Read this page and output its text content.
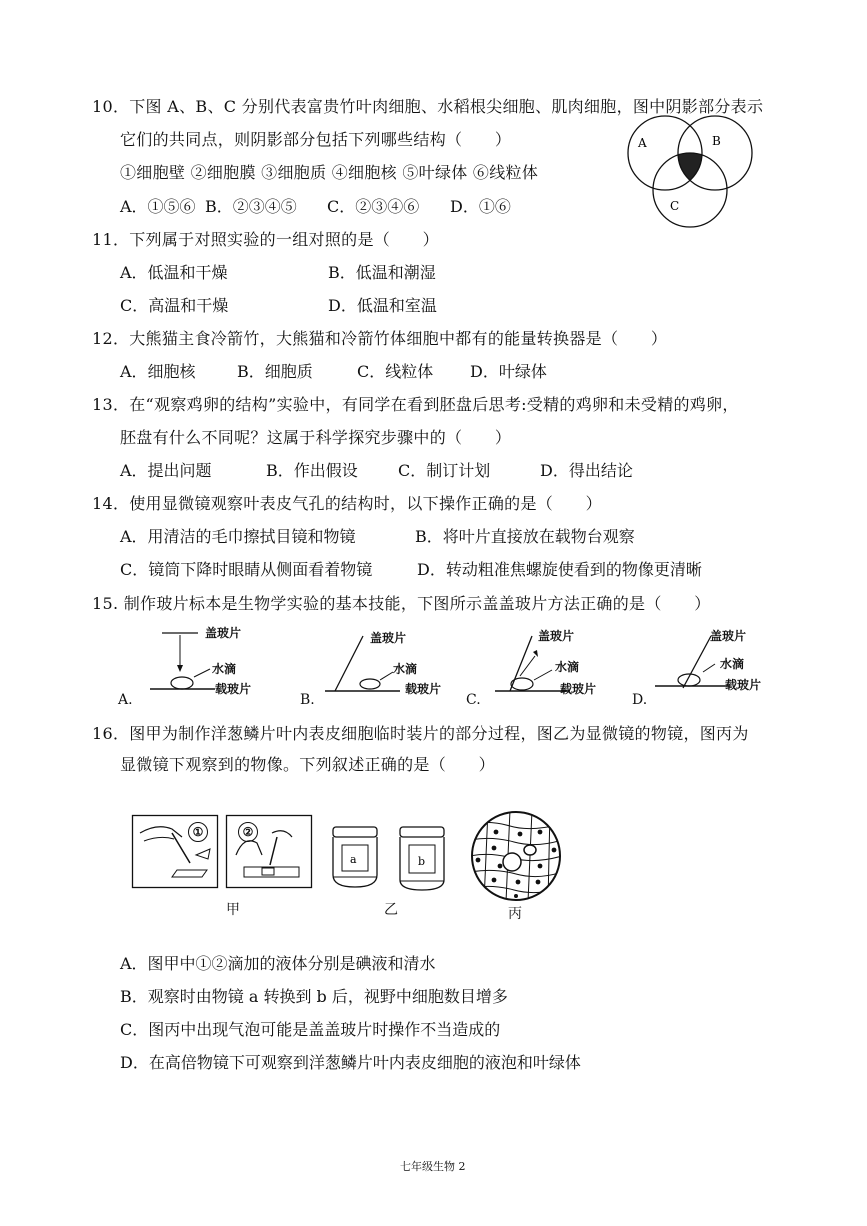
10．下图 A、B、C 分别代表富贵竹叶肉细胞、水稻根尖细胞、肌肉细胞，图中阴影部分表示
它们的共同点，则阴影部分包括下列哪些结构（　　）
①细胞壁 ②细胞膜 ③细胞质 ④细胞核 ⑤叶绿体 ⑥线粒体
A．①⑤⑥ B．②③④⑤ C．②③④⑥ D．①⑥
A	B
C
11．下列属于对照实验的一组对照的是（　　）
A．低温和干燥	B．低温和潮湿
C．高温和干燥	D．低温和室温
12．大熊猫主食冷箭竹，大熊猫和冷箭竹体细胞中都有的能量转换器是（　　）
A．细胞核	B．细胞质	C．线粒体 D．叶绿体
13．在“观察鸡卵的结构”实验中，有同学在看到胚盘后思考:受精的鸡卵和未受精的鸡卵，
胚盘有什么不同呢？这属于科学探究步骤中的（　　）
A．提出问题	B．作出假设	C．制订计划	D．得出结论
14．使用显微镜观察叶表皮气孔的结构时，以下操作正确的是（　　）
A．用清洁的毛巾擦拭目镜和物镜	B．将叶片直接放在载物台观察
C．镜筒下降时眼睛从侧面看着物镜	D．转动粗准焦螺旋使看到的物像更清晰
15. 制作玻片标本是生物学实验的基本技能，下图所示盖盖玻片方法正确的是（　　）
A.
盖玻片
水滴
载玻片
B.
盖玻片
水滴
载玻片
C.
盖玻片
水滴
载玻片
D.
盖玻片
水滴
载玻片
16．图甲为制作洋葱鳞片叶内表皮细胞临时装片的部分过程，图乙为显微镜的物镜，图丙为
显微镜下观察到的物像。下列叙述正确的是（　　）
①	②
甲
a	b
乙	丙
A．图甲中①②滴加的液体分别是碘液和清水
B．观察时由物镜 a 转换到 b 后，视野中细胞数目增多
C．图丙中出现气泡可能是盖盖玻片时操作不当造成的
D．在高倍物镜下可观察到洋葱鳞片叶内表皮细胞的液泡和叶绿体
七年级生物 2
